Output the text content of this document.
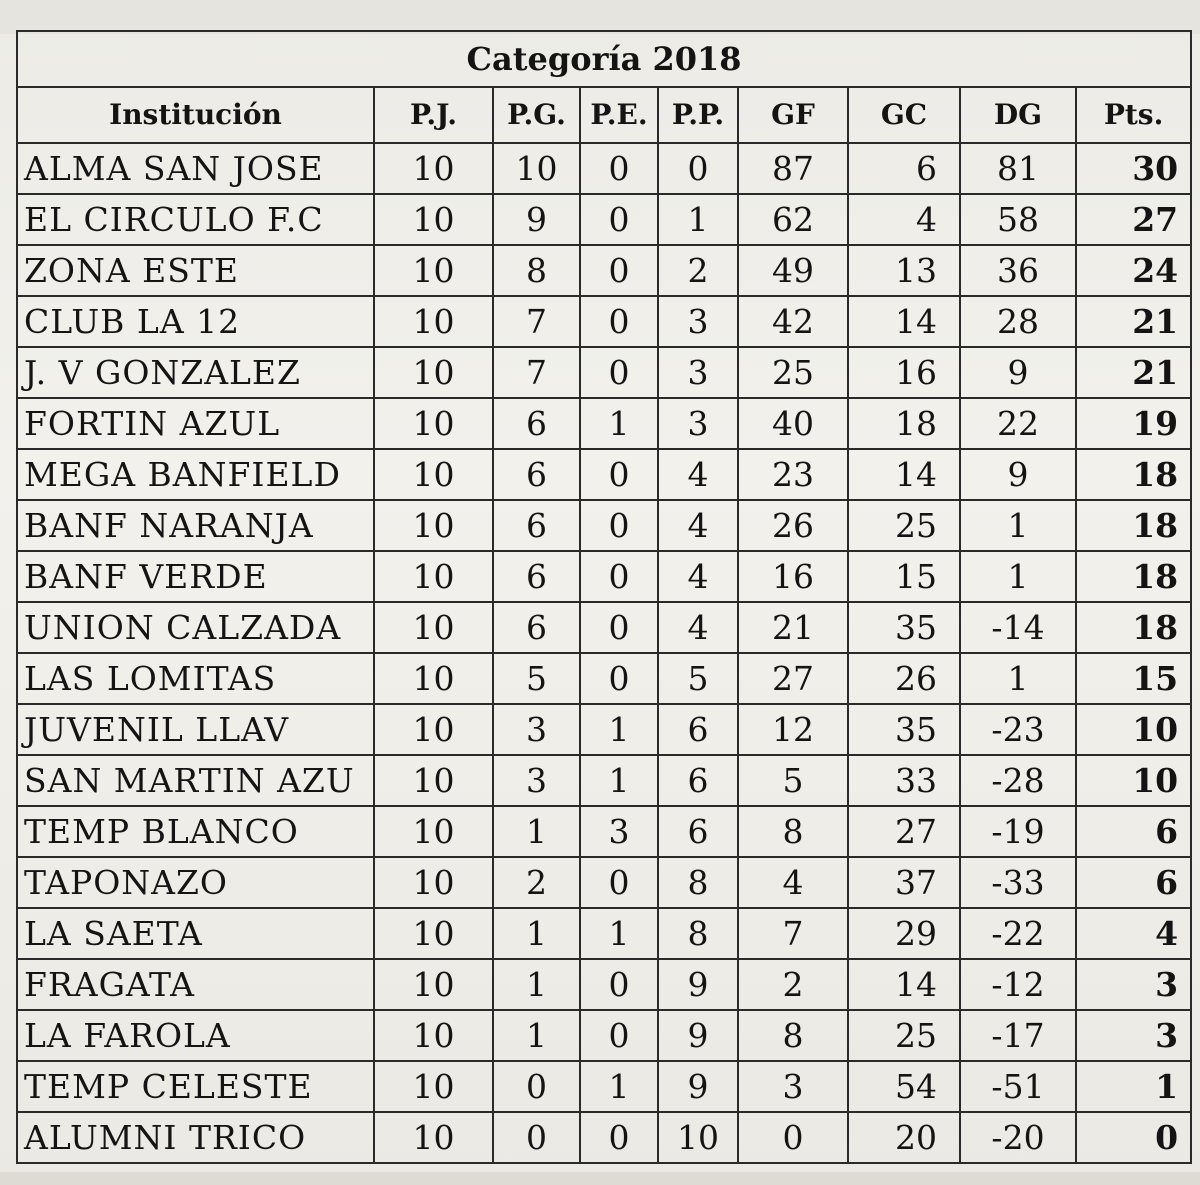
Categoría 2018								
Institución	P.J.	P.G.	P.E.	P.P.	GF	GC	DG	Pts.
ALMA SAN JOSE	10	10	0	0	87	6	81	30
EL CIRCULO F.C	10	9	0	1	62	4	58	27
ZONA ESTE	10	8	0	2	49	13	36	24
CLUB LA 12	10	7	0	3	42	14	28	21
J. V GONZALEZ	10	7	0	3	25	16	9	21
FORTIN AZUL	10	6	1	3	40	18	22	19
MEGA BANFIELD	10	6	0	4	23	14	9	18
BANF NARANJA	10	6	0	4	26	25	1	18
BANF VERDE	10	6	0	4	16	15	1	18
UNION CALZADA	10	6	0	4	21	35	-14	18
LAS LOMITAS	10	5	0	5	27	26	1	15
JUVENIL LLAV	10	3	1	6	12	35	-23	10
SAN MARTIN AZU	10	3	1	6	5	33	-28	10
TEMP BLANCO	10	1	3	6	8	27	-19	6
TAPONAZO	10	2	0	8	4	37	-33	6
LA SAETA	10	1	1	8	7	29	-22	4
FRAGATA	10	1	0	9	2	14	-12	3
LA FAROLA	10	1	0	9	8	25	-17	3
TEMP CELESTE	10	0	1	9	3	54	-51	1
ALUMNI TRICO	10	0	0	10	0	20	-20	0
